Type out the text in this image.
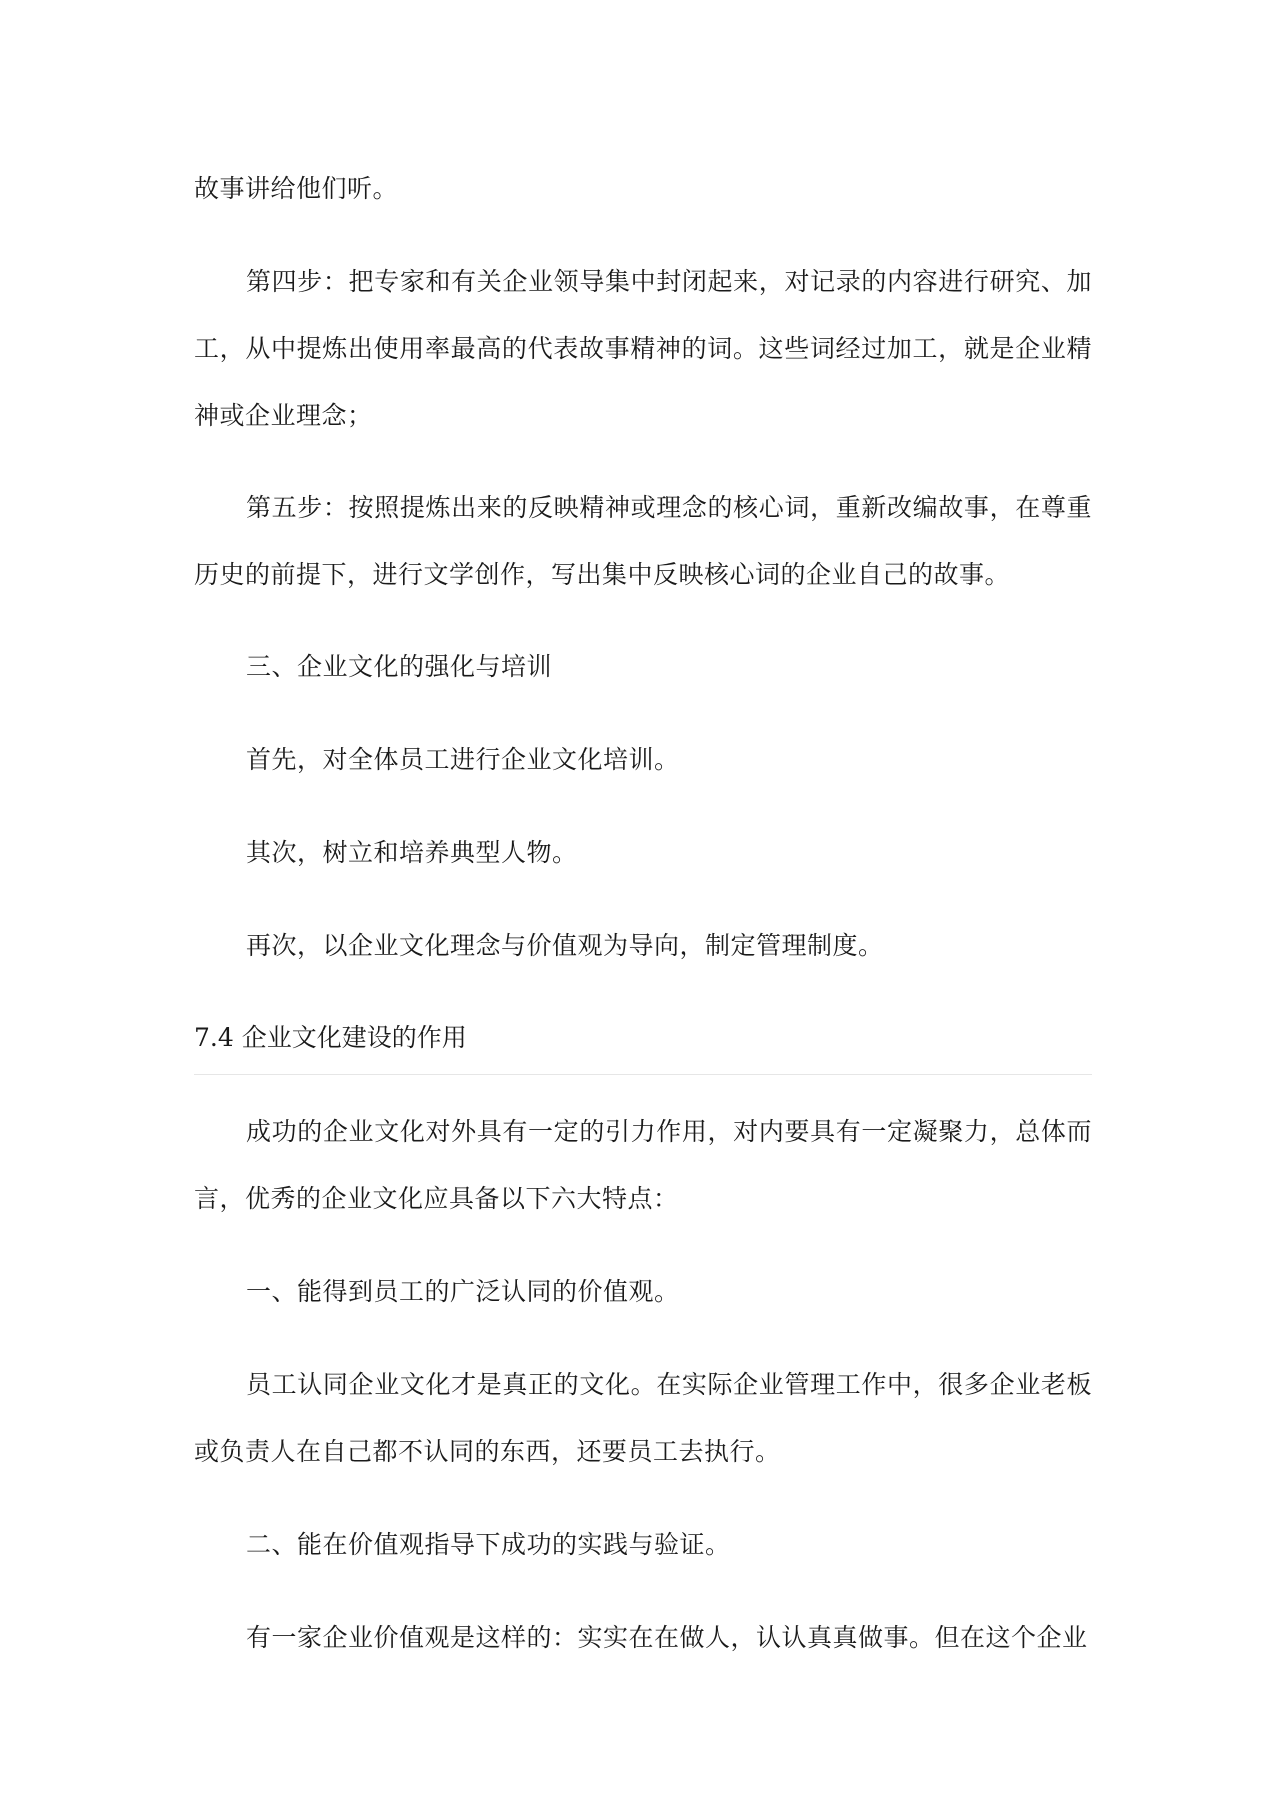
故事讲给他们听。

第四步：把专家和有关企业领导集中封闭起来，对记录的内容进行研究、加工，从中提炼出使用率最高的代表故事精神的词。这些词经过加工，就是企业精神或企业理念；

第五步：按照提炼出来的反映精神或理念的核心词，重新改编故事，在尊重历史的前提下，进行文学创作，写出集中反映核心词的企业自己的故事。

三、企业文化的强化与培训

首先，对全体员工进行企业文化培训。

其次，树立和培养典型人物。

再次，以企业文化理念与价值观为导向，制定管理制度。

7.4 企业文化建设的作用

成功的企业文化对外具有一定的引力作用，对内要具有一定凝聚力，总体而言，优秀的企业文化应具备以下六大特点：

一、能得到员工的广泛认同的价值观。

员工认同企业文化才是真正的文化。在实际企业管理工作中，很多企业老板或负责人在自己都不认同的东西，还要员工去执行。

二、能在价值观指导下成功的实践与验证。

有一家企业价值观是这样的：实实在在做人，认认真真做事。但在这个企业
